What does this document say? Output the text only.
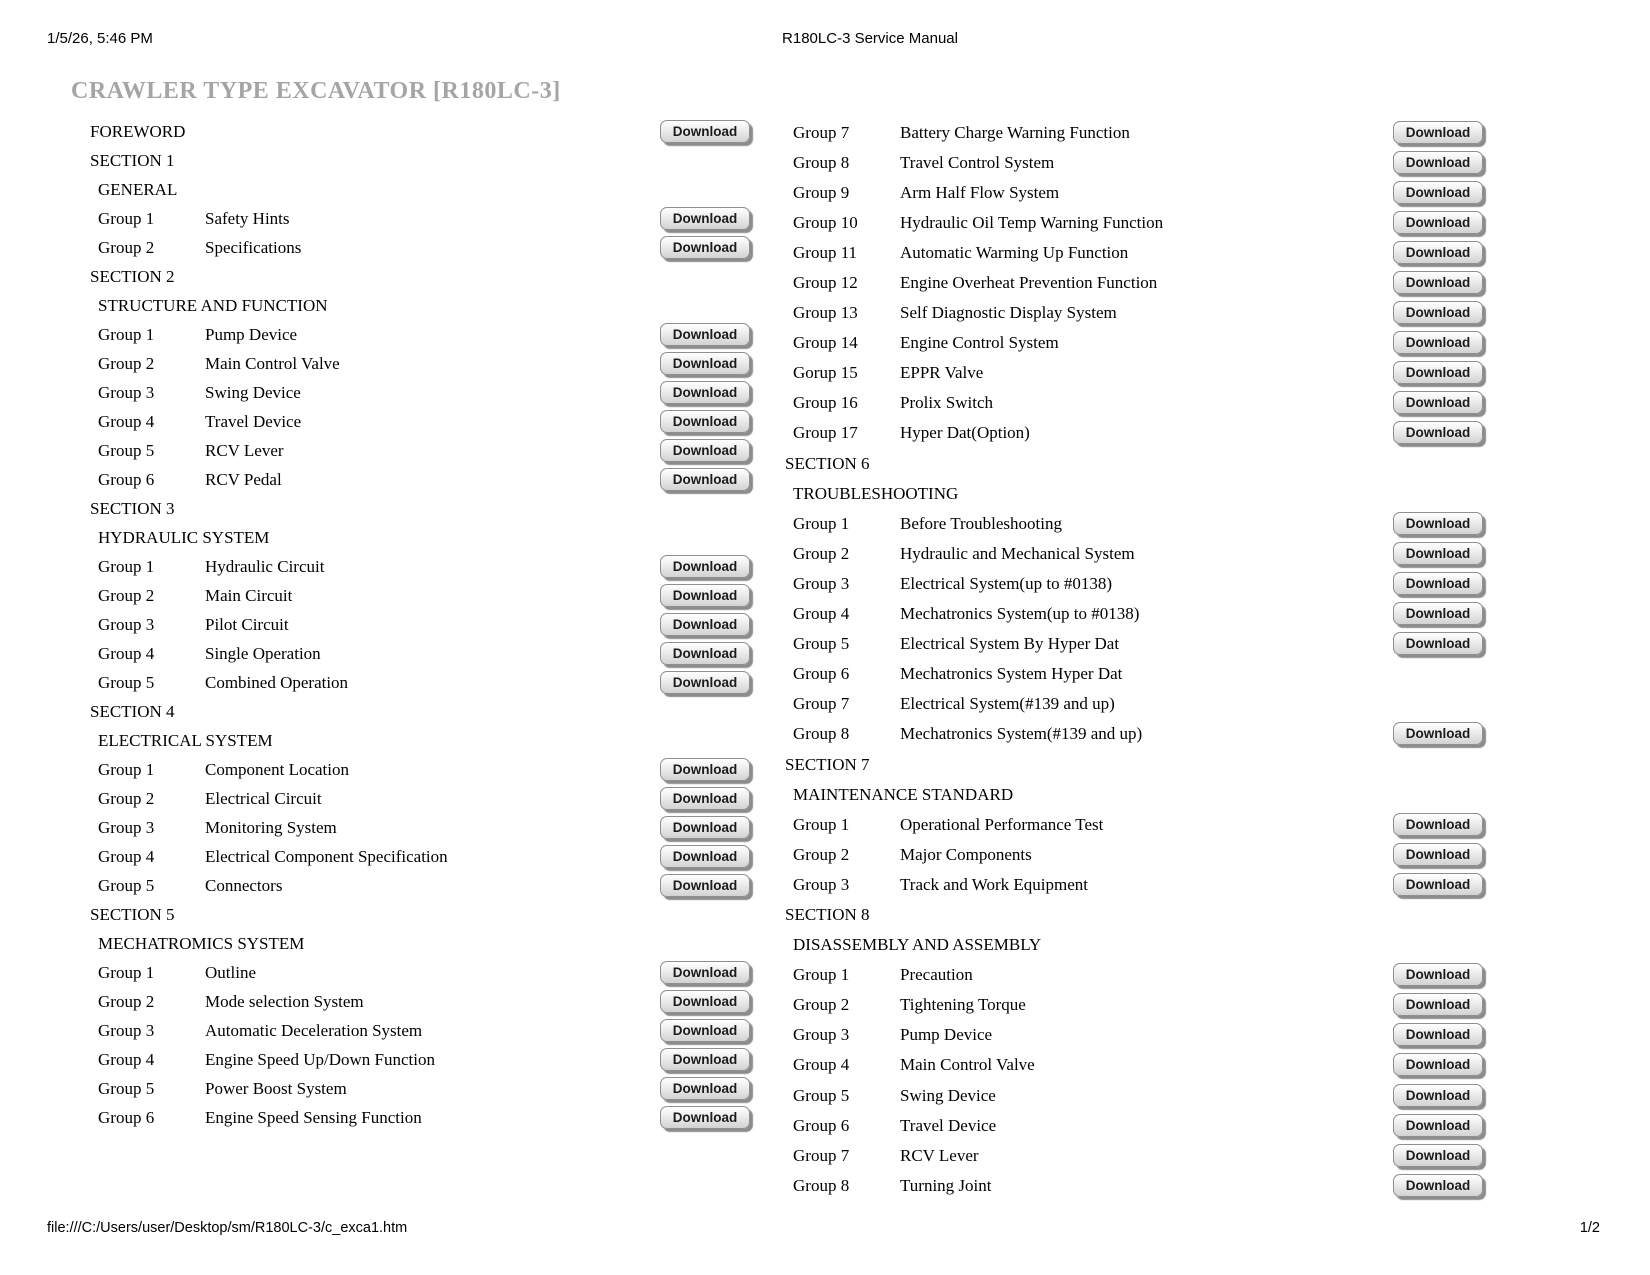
1/5/26, 5:46 PM	R180LC-3 Service Manual
CRAWLER TYPE EXCAVATOR [R180LC-3]
FOREWORD	Download
SECTION 1
GENERAL
Group 1	Safety Hints	Download
Group 2	Specifications	Download
SECTION 2
STRUCTURE AND FUNCTION
Group 1	Pump Device	Download
Group 2	Main Control Valve	Download
Group 3	Swing Device	Download
Group 4	Travel Device	Download
Group 5	RCV Lever	Download
Group 6	RCV Pedal	Download
SECTION 3
HYDRAULIC SYSTEM
Group 1	Hydraulic Circuit	Download
Group 2	Main Circuit	Download
Group 3	Pilot Circuit	Download
Group 4	Single Operation	Download
Group 5	Combined Operation	Download
SECTION 4
ELECTRICAL SYSTEM
Group 1	Component Location	Download
Group 2	Electrical Circuit	Download
Group 3	Monitoring System	Download
Group 4	Electrical Component Specification	Download
Group 5	Connectors	Download
SECTION 5
MECHATROMICS SYSTEM
Group 1	Outline	Download
Group 2	Mode selection System	Download
Group 3	Automatic Deceleration System	Download
Group 4	Engine Speed Up/Down Function	Download
Group 5	Power Boost System	Download
Group 6	Engine Speed Sensing Function	Download
Group 7	Battery Charge Warning Function	Download
Group 8	Travel Control System	Download
Group 9	Arm Half Flow System	Download
Group 10	Hydraulic Oil Temp Warning Function	Download
Group 11	Automatic Warming Up Function	Download
Group 12	Engine Overheat Prevention Function	Download
Group 13	Self Diagnostic Display System	Download
Group 14	Engine Control System	Download
Gorup 15	EPPR Valve	Download
Group 16	Prolix Switch	Download
Group 17	Hyper Dat(Option)	Download
SECTION 6
TROUBLESHOOTING
Group 1	Before Troubleshooting	Download
Group 2	Hydraulic and Mechanical System	Download
Group 3	Electrical System(up to #0138)	Download
Group 4	Mechatronics System(up to #0138)	Download
Group 5	Electrical System By Hyper Dat	Download
Group 6	Mechatronics System Hyper Dat
Group 7	Electrical System(#139 and up)
Group 8	Mechatronics System(#139 and up)	Download
SECTION 7
MAINTENANCE STANDARD
Group 1	Operational Performance Test	Download
Group 2	Major Components	Download
Group 3	Track and Work Equipment	Download
SECTION 8
DISASSEMBLY AND ASSEMBLY
Group 1	Precaution	Download
Group 2	Tightening Torque	Download
Group 3	Pump Device	Download
Group 4	Main Control Valve	Download
Group 5	Swing Device	Download
Group 6	Travel Device	Download
Group 7	RCV Lever	Download
Group 8	Turning Joint	Download
file:///C:/Users/user/Desktop/sm/R180LC-3/c_exca1.htm	1/2
